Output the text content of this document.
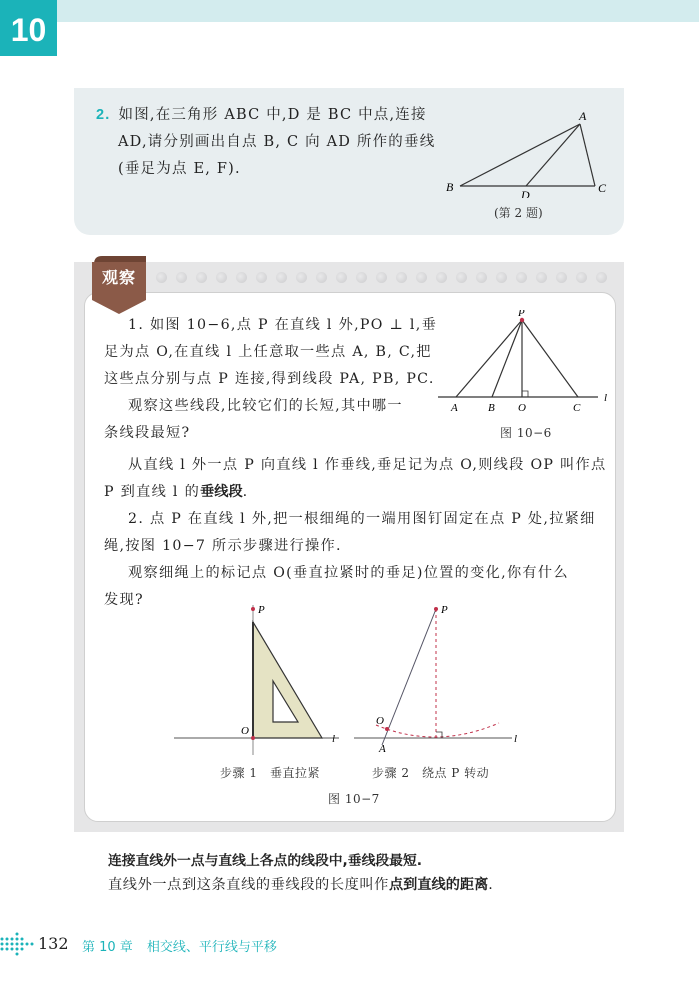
10
2. 如图,在三角形 ABC 中,D 是 BC 中点,连接
AD,请分别画出自点 B, C 向 AD 所作的垂线
(垂足为点 E, F).
A
B	C
D
(第 2 题)
观察
1. 如图 10−6,点 P 在直线 l 外,PO ⊥ l,垂
足为点 O,在直线 l 上任意取一些点 A, B, C,把
这些点分别与点 P 连接,得到线段 PA, PB, PC.
观察这些线段,比较它们的长短,其中哪一
条线段最短?
P
A	B O	C
l
图 10−6
从直线 l 外一点 P 向直线 l 作垂线,垂足记为点 O,则线段 OP 叫作点
P 到直线 l 的垂线段.
2. 点 P 在直线 l 外,把一根细绳的一端用图钉固定在点 P 处,拉紧细
绳,按图 10−7 所示步骤进行操作.
观察细绳上的标记点 O(垂直拉紧时的垂足)位置的变化,你有什么
发现?
P
O
l
步骤 1　垂直拉紧
P
O
A
l
步骤 2　绕点 P 转动
图 10−7
连接直线外一点与直线上各点的线段中,垂线段最短.
直线外一点到这条直线的垂线段的长度叫作点到直线的距离.
132 第 10 章 相交线、平行线与平移
